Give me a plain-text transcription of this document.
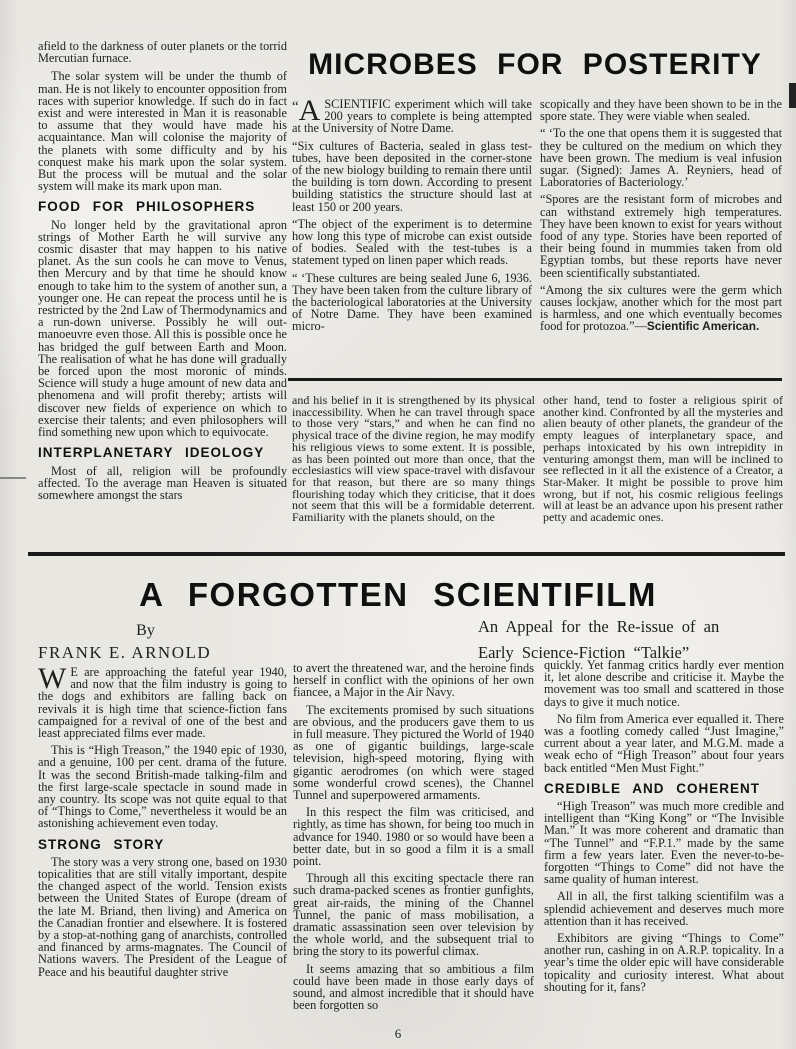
afield to the darkness of outer planets or the torrid Mercutian furnace.

The solar system will be under the thumb of man. He is not likely to encounter opposition from races with superior knowledge. If such do in fact exist and were interested in Man it is reasonable to assume that they would have made his acquaintance. Man will colonise the majority of the planets with some difficulty and by his conquest make his mark upon the solar system. But the process will be mutual and the solar system will make its mark upon man.

FOOD FOR PHILOSOPHERS

No longer held by the gravitational apron strings of Mother Earth he will survive any cosmic disaster that may happen to his native planet. As the sun cools he can move to Venus, then Mercury and by that time he should know enough to take him to the system of another sun, a younger one. He can repeat the process until he is restricted by the 2nd Law of Thermodynamics and a run-down universe. Possibly he will out-manoeuvre even those. All this is possible once he has bridged the gulf between Earth and Moon. The realisation of what he has done will gradually be forced upon the most moronic of minds. Science will study a huge amount of new data and phenomena and will profit thereby; artists will discover new fields of experience on which to exercise their talents; and even philosophers will find something new upon which to equivocate.

INTERPLANETARY IDEOLOGY

Most of all, religion will be profoundly affected. To the average man Heaven is situated somewhere amongst the stars

MICROBES FOR POSTERITY

“A SCIENTIFIC experiment which will take 200 years to complete is being attempted at the University of Notre Dame.

“Six cultures of Bacteria, sealed in glass test-tubes, have been deposited in the corner-stone of the new biology building to remain there until the building is torn down. According to present building statistics the structure should last at least 150 or 200 years.

“The object of the experiment is to determine how long this type of microbe can exist outside of bodies. Sealed with the test-tubes is a statement typed on linen paper which reads.

“ ‘These cultures are being sealed June 6, 1936. They have been taken from the culture library of the bacteriological laboratories at the University of Notre Dame. They have been examined micro-

scopically and they have been shown to be in the spore state. They were viable when sealed.

“ ‘To the one that opens them it is suggested that they be cultured on the medium on which they have been grown. The medium is veal infusion sugar. (Signed): James A. Reyniers, head of Laboratories of Bacteriology.’

“Spores are the resistant form of microbes and can withstand extremely high temperatures. They have been known to exist for years without food of any type. Stories have been reported of their being found in mummies taken from old Egyptian tombs, but these reports have never been scientifically substantiated.

“Among the six cultures were the germ which causes lockjaw, another which for the most part is harmless, and one which eventually becomes food for protozoa.”—Scientific American.

and his belief in it is strengthened by its physical inaccessibility. When he can travel through space to those very “stars,” and when he can find no physical trace of the divine region, he may modify his religious views to some extent. It is possible, as has been pointed out more than once, that the ecclesiastics will view space-travel with disfavour for that reason, but there are so many things flourishing today which they criticise, that it does not seem that this will be a formidable deterrent. Familiarity with the planets should, on the

other hand, tend to foster a religious spirit of another kind. Confronted by all the mysteries and alien beauty of other planets, the grandeur of the empty leagues of interplanetary space, and perhaps intoxicated by his own intrepidity in venturing amongst them, man will be inclined to see reflected in it all the existence of a Creator, a Star-Maker. It might be possible to prove him wrong, but if not, his cosmic religious feelings will at least be an advance upon his present rather petty and academic ones.

A FORGOTTEN SCIENTIFILM
By
FRANK E. ARNOLD
An Appeal for the Re-issue of an
Early Science-Fiction “Talkie”

W E are approaching the fateful year 1940, and now that the film industry is going to the dogs and exhibitors are falling back on revivals it is high time that science-fiction fans campaigned for a revival of one of the best and least appreciated films ever made.

This is “High Treason,” the 1940 epic of 1930, and a genuine, 100 per cent. drama of the future. It was the second British-made talking-film and the first large-scale spectacle in sound made in any country. Its scope was not quite equal to that of “Things to Come,” nevertheless it would be an astonishing achievement even today.

STRONG STORY

The story was a very strong one, based on 1930 topicalities that are still vitally important, despite the changed aspect of the world. Tension exists between the United States of Europe (dream of the late M. Briand, then living) and America on the Canadian frontier and elsewhere. It is fostered by a stop-at-nothing gang of anarchists, controlled and financed by arms-magnates. The Council of Nations wavers. The President of the League of Peace and his beautiful daughter strive

to avert the threatened war, and the heroine finds herself in conflict with the opinions of her own fiancee, a Major in the Air Navy.

The excitements promised by such situations are obvious, and the producers gave them to us in full measure. They pictured the World of 1940 as one of gigantic buildings, large-scale television, high-speed motoring, flying with gigantic aerodromes (on which were staged some wonderful crowd scenes), the Channel Tunnel and superpowered armaments.

In this respect the film was criticised, and rightly, as time has shown, for being too much in advance for 1940. 1980 or so would have been a better date, but in so good a film it is a small point.

Through all this exciting spectacle there ran such drama-packed scenes as frontier gunfights, great air-raids, the mining of the Channel Tunnel, the panic of mass mobilisation, a dramatic assassination seen over television by the whole world, and the subsequent trial to bring the story to its powerful climax.

It seems amazing that so ambitious a film could have been made in those early days of sound, and almost incredible that it should have been forgotten so

quickly. Yet fanmag critics hardly ever mention it, let alone describe and criticise it. Maybe the movement was too small and scattered in those days to give it much notice.

No film from America ever equalled it. There was a footling comedy called “Just Imagine,” current about a year later, and M.G.M. made a weak echo of “High Treason” about four years back entitled “Men Must Fight.”

CREDIBLE AND COHERENT

“High Treason” was much more credible and intelligent than “King Kong” or “The Invisible Man.” It was more coherent and dramatic than “The Tunnel” and “F.P.1.” made by the same firm a few years later. Even the never-to-be-forgotten “Things to Come” did not have the same quality of human interest.

All in all, the first talking scientifilm was a splendid achievement and deserves much more attention than it has received.

Exhibitors are giving “Things to Come” another run, cashing in on A.R.P. topicality. In a year’s time the older epic will have considerable topicality and curiosity interest. What about shouting for it, fans?

6
